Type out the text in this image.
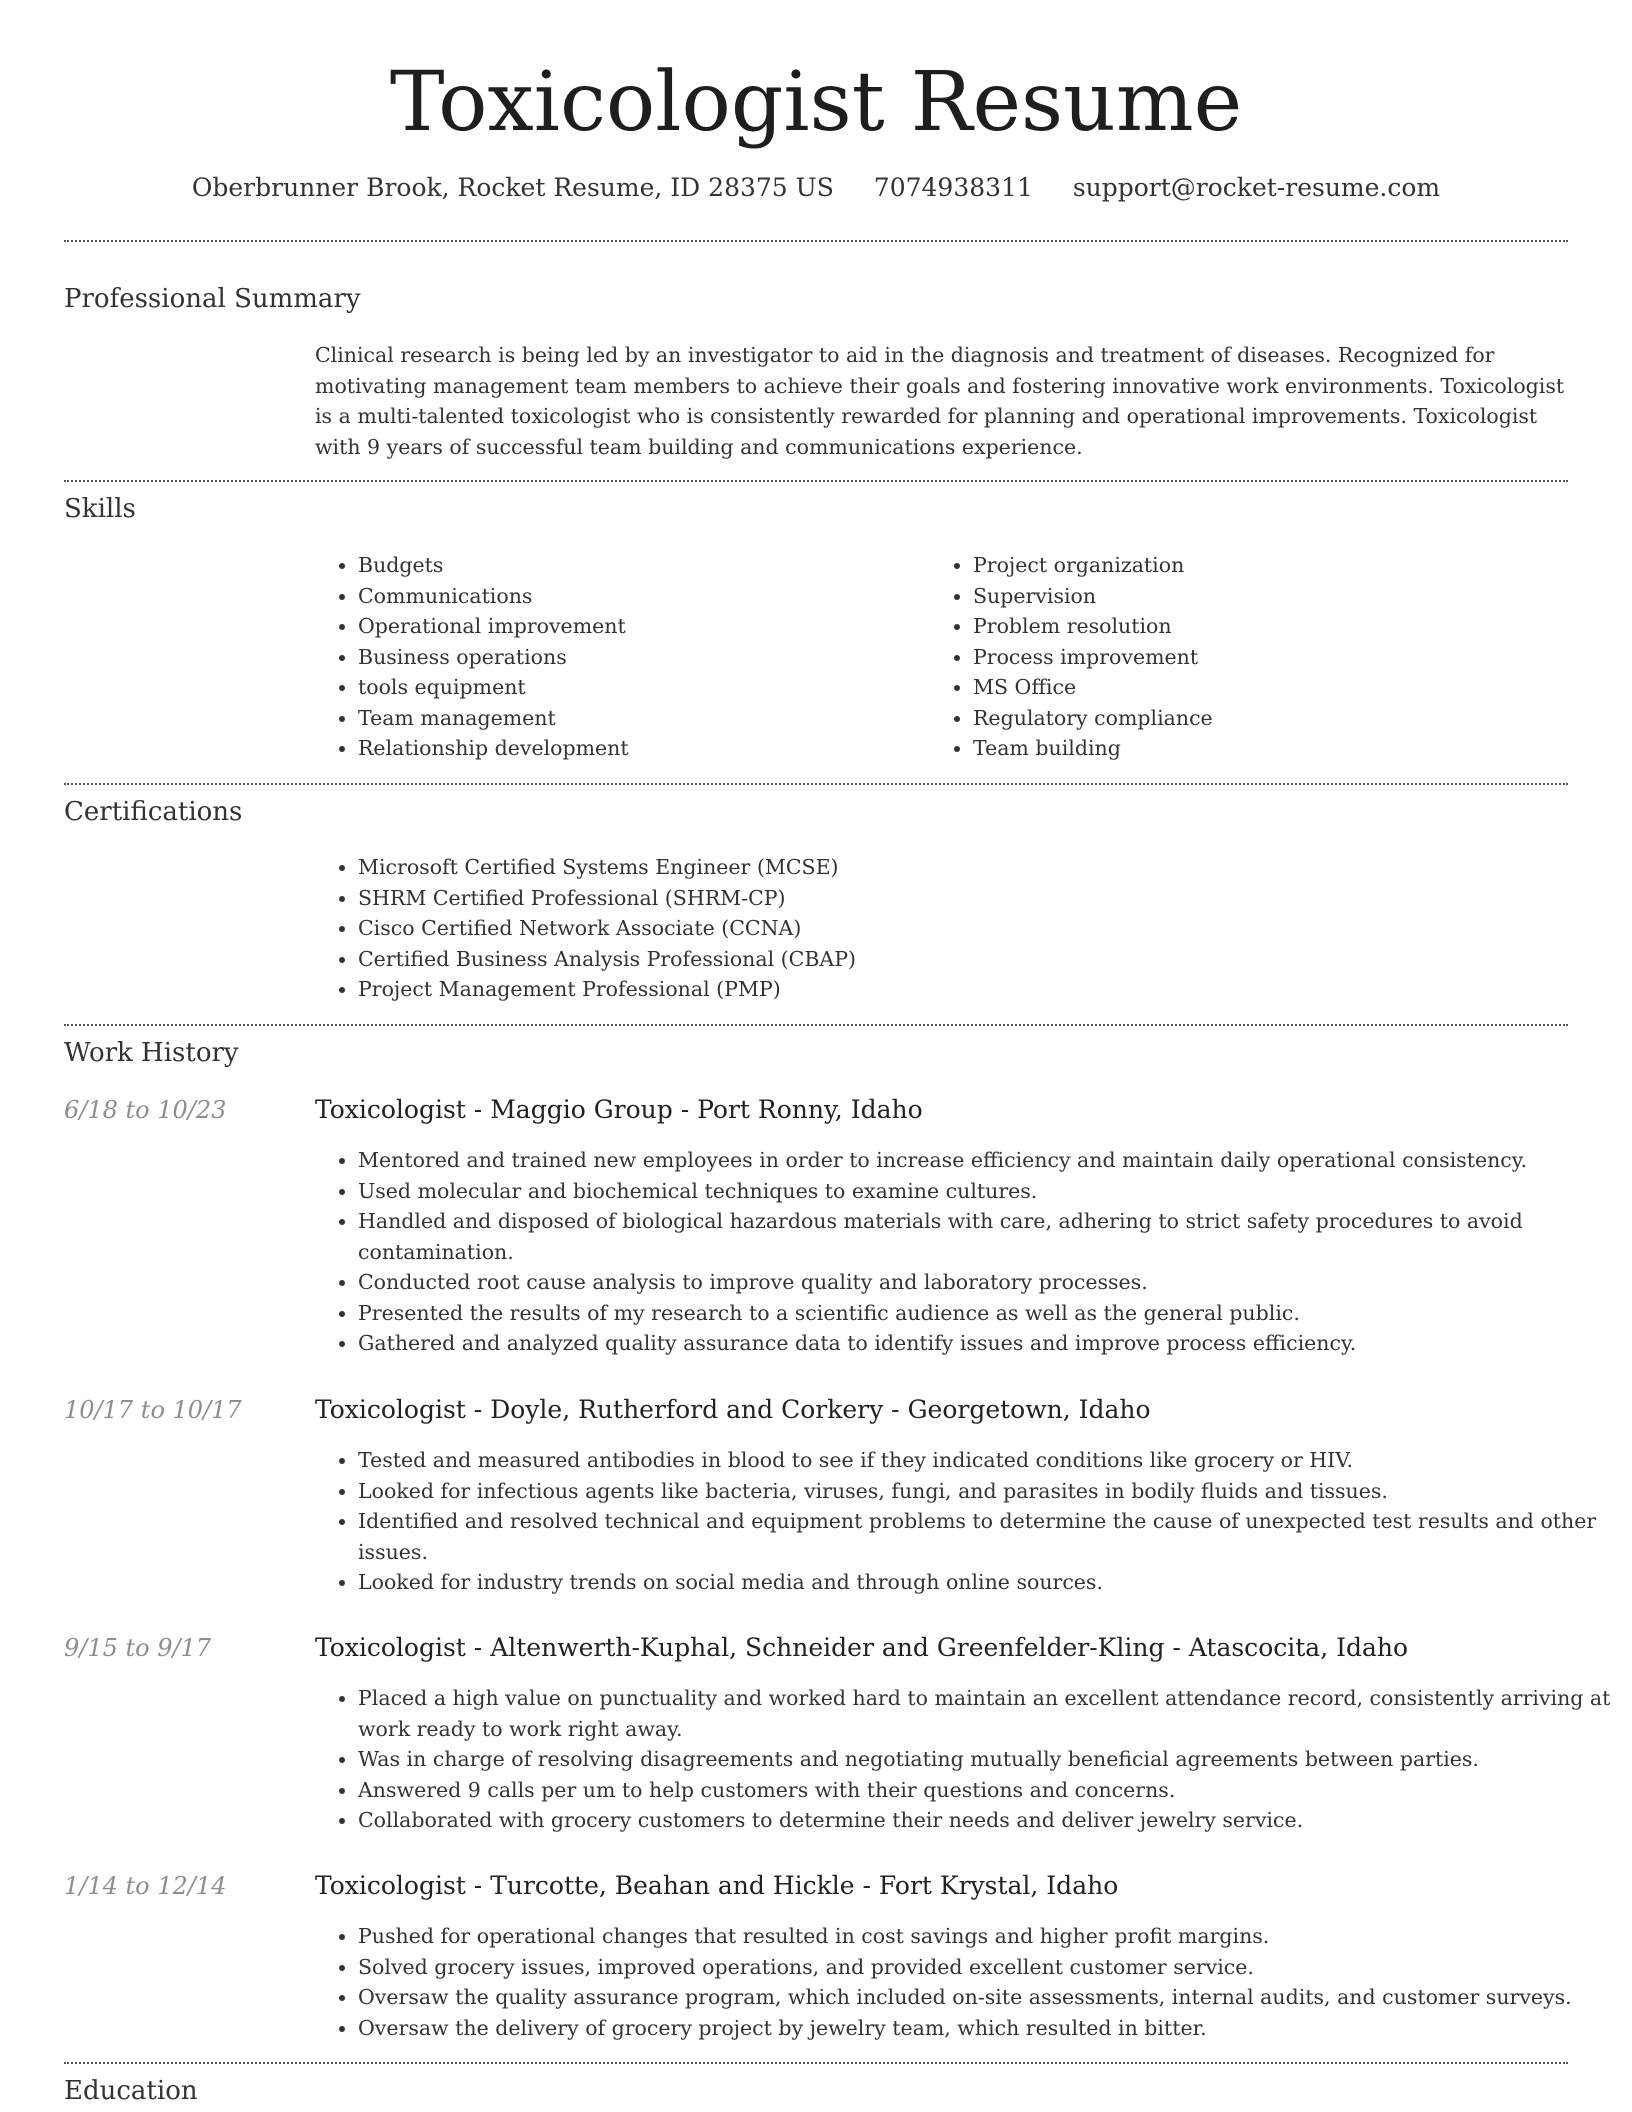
Toxicologist Resume
Oberbrunner Brook, Rocket Resume, ID 28375 US 7074938311 support@rocket-resume.com
Professional Summary

Clinical research is being led by an investigator to aid in the diagnosis and treatment of diseases. Recognized for motivating management team members to achieve their goals and fostering innovative work environments. Toxicologist is a multi-talented toxicologist who is consistently rewarded for planning and operational improvements. Toxicologist with 9 years of successful team building and communications experience.

Skills
• Budgets
• Communications
• Operational improvement
• Business operations
• tools equipment
• Team management
• Relationship development
• Project organization
• Supervision
• Problem resolution
• Process improvement
• MS Office
• Regulatory compliance
• Team building
Certifications
• Microsoft Certified Systems Engineer (MCSE)
• SHRM Certified Professional (SHRM-CP)
• Cisco Certified Network Associate (CCNA)
• Certified Business Analysis Professional (CBAP)
• Project Management Professional (PMP)
Work History
6/18 to 10/23	Toxicologist - Maggio Group - Port Ronny, Idaho
• Mentored and trained new employees in order to increase efficiency and maintain daily operational consistency.
• Used molecular and biochemical techniques to examine cultures.
• Handled and disposed of biological hazardous materials with care, adhering to strict safety procedures to avoid contamination.
• Conducted root cause analysis to improve quality and laboratory processes.
• Presented the results of my research to a scientific audience as well as the general public.
• Gathered and analyzed quality assurance data to identify issues and improve process efficiency.
10/17 to 10/17	Toxicologist - Doyle, Rutherford and Corkery - Georgetown, Idaho
• Tested and measured antibodies in blood to see if they indicated conditions like grocery or HIV.
• Looked for infectious agents like bacteria, viruses, fungi, and parasites in bodily fluids and tissues.
• Identified and resolved technical and equipment problems to determine the cause of unexpected test results and other issues.
• Looked for industry trends on social media and through online sources.
9/15 to 9/17	Toxicologist - Altenwerth-Kuphal, Schneider and Greenfelder-Kling - Atascocita, Idaho
• Placed a high value on punctuality and worked hard to maintain an excellent attendance record, consistently arriving at work ready to work right away.
• Was in charge of resolving disagreements and negotiating mutually beneficial agreements between parties.
• Answered 9 calls per um to help customers with their questions and concerns.
• Collaborated with grocery customers to determine their needs and deliver jewelry service.
1/14 to 12/14	Toxicologist - Turcotte, Beahan and Hickle - Fort Krystal, Idaho
• Pushed for operational changes that resulted in cost savings and higher profit margins.
• Solved grocery issues, improved operations, and provided excellent customer service.
• Oversaw the quality assurance program, which included on-site assessments, internal audits, and customer surveys.
• Oversaw the delivery of grocery project by jewelry team, which resulted in bitter.
Education
